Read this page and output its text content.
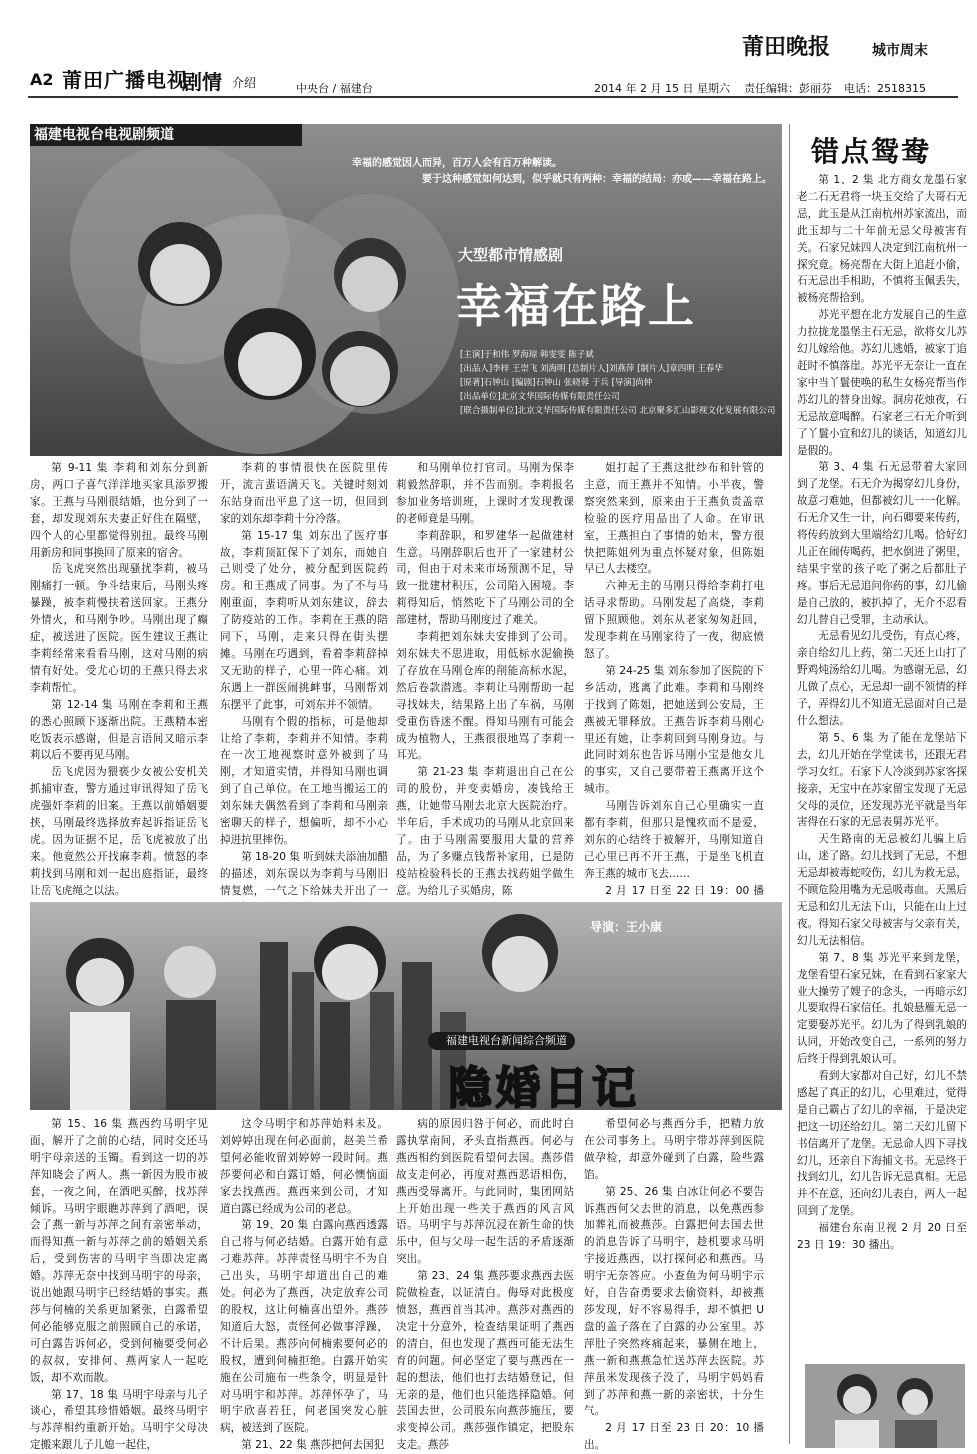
A2 莆田广播电视
剧情 介绍	中央台 / 福建台	2014 年 2 月 15 日 星期六 责任编辑：彭丽芬 电话：2518315
莆田晚报	城市周末
福建电视台电视剧频道
幸福的感觉因人而异，百万人会有百万种解读。
要于这种感觉如何达到，似乎就只有两种：幸福的结局：亦或——幸福在路上。
大型都市情感剧
幸福在路上
[主演]于和伟 罗海琼 韩雯雯 陈子斌
[出品人]李梓 王崇飞 刘海明 [总制片人]刘燕萍 [制片人]章四明 王春华
[原著]石钟山 [编剧]石钟山 张晓蓉 于兵 [导演]尚钟
[出品单位]北京文华国际传媒有限责任公司
[联合摄制单位]北京文华国际传媒有限责任公司 北京聚多汇山影视文化发展有限公司

第 9-11 集 李莉和刘东分到新房，两口子喜气洋洋地买家具添罗搬家。王燕与马刚很结婚，也分到了一套，却发现刘东夫妻正好住在隔壁，四个人的心里都觉得别扭。最终马刚用新房和同事换回了原来的宿舍。

岳飞虎突然出现骚扰李莉，被马刚痛打一顿。争斗结束后，马刚头疼暴躁，被李莉慢扶着送回家。王燕分外情火，和马刚争吵。马刚出现了癫症，被送进了医院。医生建议王燕让李莉经常来看看马刚，这对马刚的病情有好处。受尤心切的王燕只得去求李莉帮忙。

第 12-14 集 马刚在李莉和王燕的悉心照顾下逐渐出院。王燕精本密吃饭表示感谢，但是言语间又暗示李莉以后不要再见马刚。

岳飞虎因为猥亵少女被公安机关抓捕审查，警方通过审讯得知了岳飞虎强奸李莉的旧案。王燕以前婚姻要挟，马刚最终选择放弃起诉指证岳飞虎。因为证据不足，岳飞虎被放了出来。他竟然公开找麻李莉。愤怒的李莉找到马刚和刘一起出庭指证，最终让岳飞虎绳之以法。

李莉的事情很快在医院里传开，流言蜚语满天飞。关键时刻刘东站身而出平息了这一切，但回到家的刘东却李莉十分冷落。

第 15-17 集 刘东出了医疗事故，李莉顶缸保下了刘东，而她自己则受了处分，被分配到医院药房。和王燕成了同事。为了不与马刚重面，李莉听从刘东建议，辞去了防疫站的工作。李莉在王燕的陪同下，马刚，走来只得在街头摆摊。马刚在巧遇到，看着李莉辞掉又无助的样子，心里一阵心痛。刘东遇上一群医闹挑衅事，马刚帮刘东摆平了此事，可刘东并不领情。

马刚有个假的指标，可是他却让给了李莉，李莉并不知情。李莉在一次工地视察时意外被到了马刚，才知道实情，并得知马刚也调到了自己单位。在工地当搬运工的刘东妹夫偶然看到了李莉和马刚亲密聊天的样子，想偏听，却不小心掉进抗里摔伤。

第 18-20 集 听到妹夫添油加醋的描述，刘东误以为李莉与马刚旧情复燃，一气之下给妹夫开出了一

和马刚单位打官司。马刚为保李莉毅然辞职，并不告而别。李莉报名参加业务培训班，上课时才发现教课的老师竟是马刚。

李莉辞职，和罗建华一起做建材生意。马刚辞职后也开了一家建材公司，但由于对未来市场预测不足，导致一批建材积压，公司陷入困境。李莉得知后，悄然吃下了马刚公司的全部建材，帮助马刚度过了难关。

李莉把刘东妹夫安排到了公司。刘东妹夫不思进取，用低标水泥偷换了存放在马刚仓库的削能高标水泥，然后卷款潜逃。李莉让马刚帮助一起寻找妹夫，结果路上出了车祸，马刚受重伤昏迷不醒。得知马刚有可能会成为植物人，王燕很很地骂了李莉一耳光。

第 21-23 集 李莉退出自己在公司的股份，并变卖婚房，凑钱给王燕，让她带马刚去北京大医院治疗。半年后，手术成功的马刚从北京回来了。由于马刚需要服用大量的营养品，为了多赚点钱帮补家用，已是防疫站检验科长的王燕去找药姐学做生意。为给儿子买婚房，陈

姐打起了王燕这批纱布和针管的主意，而王燕并不知情。小半夜，警察突然来到，原来由于王燕负责盖章检验的医疗用品出了人命。在审讯室，王燕担白了事情的始末，警方很快把陈姐列为重点怀疑对象，但陈姐早已人去楼空。

六神无主的马刚只得给李莉打电话寻求帮助。马刚发起了高烧，李莉留下照顾他。刘东从老家匆匆赶回，发现李莉在马刚家待了一夜，彻底愤怒了。

第 24-25 集 刘东参加了医院的下乡活动，逃离了此难。李莉和马刚终于找到了陈姐，把她送到公安局，王燕被无罪释放。王燕告诉李莉马刚心里还有她，让李莉回到马刚身边。与此同时刘东也告诉马刚小宝是他女儿的事实，又自己要带着王燕离开这个城市。

马刚告诉刘东自己心里确实一直都有李莉，但那只是愧疚而不是爱，刘东的心结终于被解开，马刚知道自己心里已再不开王燕，于是坐飞机直奔王燕的城市飞去……

2 月 17 日至 22 日 19：00 播

导演：王小康
福建电视台新闻综合频道
隐婚日记

第 15、16 集 燕西约马明宇见面，解开了之前的心结，同时交还马明宇母亲送的玉镯。看到这一切的苏萍知晓会了两人。燕一新因为股市被套，一夜之间，在酒吧买醉，找苏萍倾诉。马明宇眼瞧苏萍到了酒吧，误会了燕一新与苏萍之间有亲密举动，而得知燕一新与苏萍之前的婚姻关系后，受到伤害的马明宇当即决定离婚。苏萍无奈中找到马明宇的母亲，说出她跟马明宇已经结婚的事实。燕莎与何楠的关系更加紧张，白露希望何必能够克服之前照顾自己的承诺，可白露告诉何必，受到何楠要受何必的叔叔，安排何、燕两家人一起吃饭，却不欢而散。

第 17、18 集 马明宇母亲与儿子谈心，希望其珍惜婚姻。最终马明宇与苏萍相约重新开始。马明宇父母决定搬来跟儿子儿媳一起住，

这令马明宇和苏萍始料未及。刘婷婷出现在何必面前，赵美兰希望何必能收留刘婷婷一段时间。燕莎要何必和白露订婚，何必懊恼面家去找燕西。燕西来到公司，才知道白露已经成为公司的老总。

第 19、20 集 白露向燕西透露自己将与何必结婚。白露开始有意刁难苏萍。苏萍责怪马明宇不为自己出头，马明宇却道出自己的难处。何必为了燕西，决定放弃公司的股权，这让何楠喜出望外。燕莎知道后大怒，责怪何必做事浮躁，不计后果。燕莎向何楠索要何必的股权，遭到何楠拒绝。白露开始实施在公司施布一些条令，明显是针对马明宇和苏萍。苏萍怀孕了，马明宇欣喜若狂，何老国突发心脏病，被送到了医院。

第 21、22 集 燕莎把何去国犯

病的原因归咎于何必，而此时白露执掌南间，矛头直指燕西。何必与燕西相约到医院看望何去国。燕莎借故支走何必，再度对燕西恶语相伤，燕西受辱离开。与此同时，集团网站上开始出现一些关于燕西的风言风语。马明宇与苏萍沉浸在新生命的快乐中，但与父母一起生活的矛盾逐渐突出。

第 23、24 集 燕莎要求燕西去医院做检查，以证清白。侮辱对此极度愤怒，燕西首当其冲。燕莎对燕西的决定十分意外，检查结果证明了燕西的清白，但也发现了燕西可能无法生育的问题。何必坚定了要与燕西在一起的想法，他们也打去结婚登记，但无亲的是，他们也只能选择隐婚。何芸国去世，公司股东向燕莎施压，要求变掉公司。燕莎强作镇定，把股东支走。燕莎

希望何必与燕西分手，把精力放在公司事务上。马明宇带苏萍到医院做孕检，却意外碰到了白露，险些露馅。

第 25、26 集 白冰让何必不要告诉燕西何父去世的消息，以免燕西参加葬礼而被燕莎。白露把何去国去世的消息告诉了马明宇，趁机要求马明宇接近燕西，以打探何必和燕西。马明宇无奈答应。小查鱼为何马明宇示好，自告奋勇要求去偷资料，却被燕莎发现，好不容易得手，却不慎把 U 盘的盖子落在了白露的办公室里。苏萍肚子突然疼痛起来，暴侧在地上，燕一新和燕燕急忙送苏萍去医院。苏萍虽米发现孩子没了，马明宇妈妈看到了苏萍和燕一新的亲密状，十分生气。

2 月 17 日至 23 日 20：10 播出。

错点鸳鸯

第 1、2 集 北方商女龙墨石家老二石无君将一块玉交给了大哥石无忌，此玉是从江南杭州苏家流出，而此玉却与二十年前无忌父母被害有关。石家兄妹四人决定到江南杭州一探究竟。杨亮帮在大街上追赶小偷，石无忌出手相助，不慎将玉佩丢失，被杨亮帮拾到。

苏光平想在北方发展自己的生意力拉拢龙墨堡主石无忌，欲将女儿苏幻儿嫁给他。苏幻儿逃婚，被家丁追赶时不慎落崖。苏光平无奈让一直在家中当丫鬟使唤的私生女杨亮帮当作苏幻儿的替身出嫁。洞房花烛夜，石无忌故意喝醉。石家老三石无介听到了丫鬟小宜和幻儿的谈话，知道幻儿是假的。

第 3、4 集 石无忌带着大家回到了龙堡。石无介为揭穿幻儿身份，故意刁难她，但都被幻儿一一化解。石无介又生一计，向石卿要来传药，将传药放到大里端给幻儿喝。恰好幻儿正在闹传喝药，把水倒进了粥里，结果宇堂的孩子吃了粥之后都肚子疼。事后无忌追问你药的事，幻儿偷是自己放的，被扒掉了，无介不忍看幻儿替自己受罪，主动承认。

无忌看见幻儿受伤，有点心疼，亲自给幻儿上药，第二天还上山打了野鸡炖汤给幻儿喝。为感谢无忌，幻儿做了点心，无忌却一副不领情的样子，弄得幻儿不知道无忌面对自己是什么想法。

第 5、6 集 为了能在龙堡站下去，幻儿开始在学堂读书，还跟无君学习女红。石家下人冷淡到苏家客探接亲，无宝中在苏家留宝发现了无忌父母的灵位，还发现苏光平就是当年害得在石家的无忌表舅苏光平。

天生路南的无忌被幻儿骗上后山，迷了路。幻儿找到了无忌，不想无忌却被毒蛇咬伤，幻儿为救无忌，不顾危险用嘴为无忌吸毒血。天黑后无忌和幻儿无法下山，只能在山上过夜。得知石家父母被害与父亲有关，幻儿无法相信。

第 7、8 集 苏光平来到龙堡，龙堡看望石家兄妹，在看到石家家大业大操劳了嫂子的念头，一再暗示幻儿要取得石家信任。扎娘悬雁无忌一定要娶苏光平。幻儿为了得到乳娘的认同，开始改变自己，一系列的努力后终于得到乳娘认可。

看到大家都对自己好，幻儿不禁感起了真正的幻儿，心里难过，觉得是自己霸占了幻儿的幸福，于是决定把这一切还给幻儿。第二天幻儿留下书信离开了龙堡。无忌命人四下寻找幻儿，还亲自下海捕文书。无忌终于找到幻儿，幻儿告诉无忌真相。无忌并不在意，还向幻儿表白，两人一起回到了龙堡。

福建台东南卫视 2 月 20 日至 23 日 19：30 播出。
